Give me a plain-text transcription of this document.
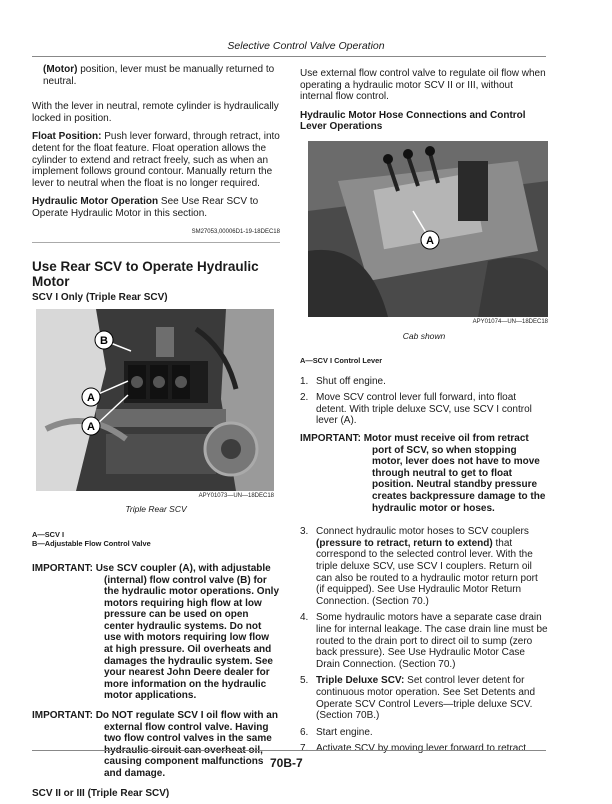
Selective Control Valve Operation

(Motor) position, lever must be manually returned to neutral.

With the lever in neutral, remote cylinder is hydraulically locked in position.

Float Position: Push lever forward, through retract, into detent for the float feature. Float operation allows the cylinder to extend and retract freely, such as when an implement follows ground contour. Manually return the lever to neutral when the float is no longer required.

Hydraulic Motor Operation See Use Rear SCV to Operate Hydraulic Motor in this section.

SM27053,00006D1-19-18DEC18
Use Rear SCV to Operate Hydraulic Motor
SCV I Only (Triple Rear SCV)
B
A
A
APY01073—UN—18DEC18
Triple Rear SCV
A—SCV I
B—Adjustable Flow Control Valve
IMPORTANT: Use SCV coupler (A), with adjustable (internal) flow control valve (B) for the hydraulic motor operations. Only motors requiring high flow at low pressure can be used on open center hydraulic systems. Do not use with motors requiring low flow at high pressure. Oil overheats and damages the hydraulic system. See your nearest John Deere dealer for more information on the hydraulic motor applications.
IMPORTANT: Do NOT regulate SCV I oil flow with an external flow control valve. Having two flow control valves in the same hydraulic circuit can overheat oil, causing component malfunctions and damage.
SCV II or III (Triple Rear SCV)

Use external flow control valve to regulate oil flow when operating a hydraulic motor SCV II or III, without internal flow control.

Hydraulic Motor Hose Connections and Control Lever Operations
A
APY01074—UN—18DEC18
Cab shown
A—SCV I Control Lever
1. Shut off engine.
2. Move SCV control lever full forward, into float detent. With triple deluxe SCV, use SCV I control lever (A).
IMPORTANT: Motor must receive oil from retract port of SCV, so when stopping motor, lever does not have to move through neutral to get to float position. Neutral standby pressure creates backpressure damage to the hydraulic motor or hoses.
3. Connect hydraulic motor hoses to SCV couplers (pressure to retract, return to extend) that correspond to the selected control lever. With the triple deluxe SCV, use SCV I couplers. Return oil can also be routed to a hydraulic motor return port (if equipped). See Use Hydraulic Motor Return Connection. (Section 70.)
4. Some hydraulic motors have a separate case drain line for internal leakage. The case drain line must be routed to the drain port to direct oil to sump (zero back pressure). See Use Hydraulic Motor Case Drain Connection. (Section 70.)
5. Triple Deluxe SCV: Set control lever detent for continuous motor operation. See Set Detents and Operate SCV Control Levers—triple deluxe SCV. (Section 70B.)
6. Start engine.
7. Activate SCV by moving lever forward to retract
70B-7
